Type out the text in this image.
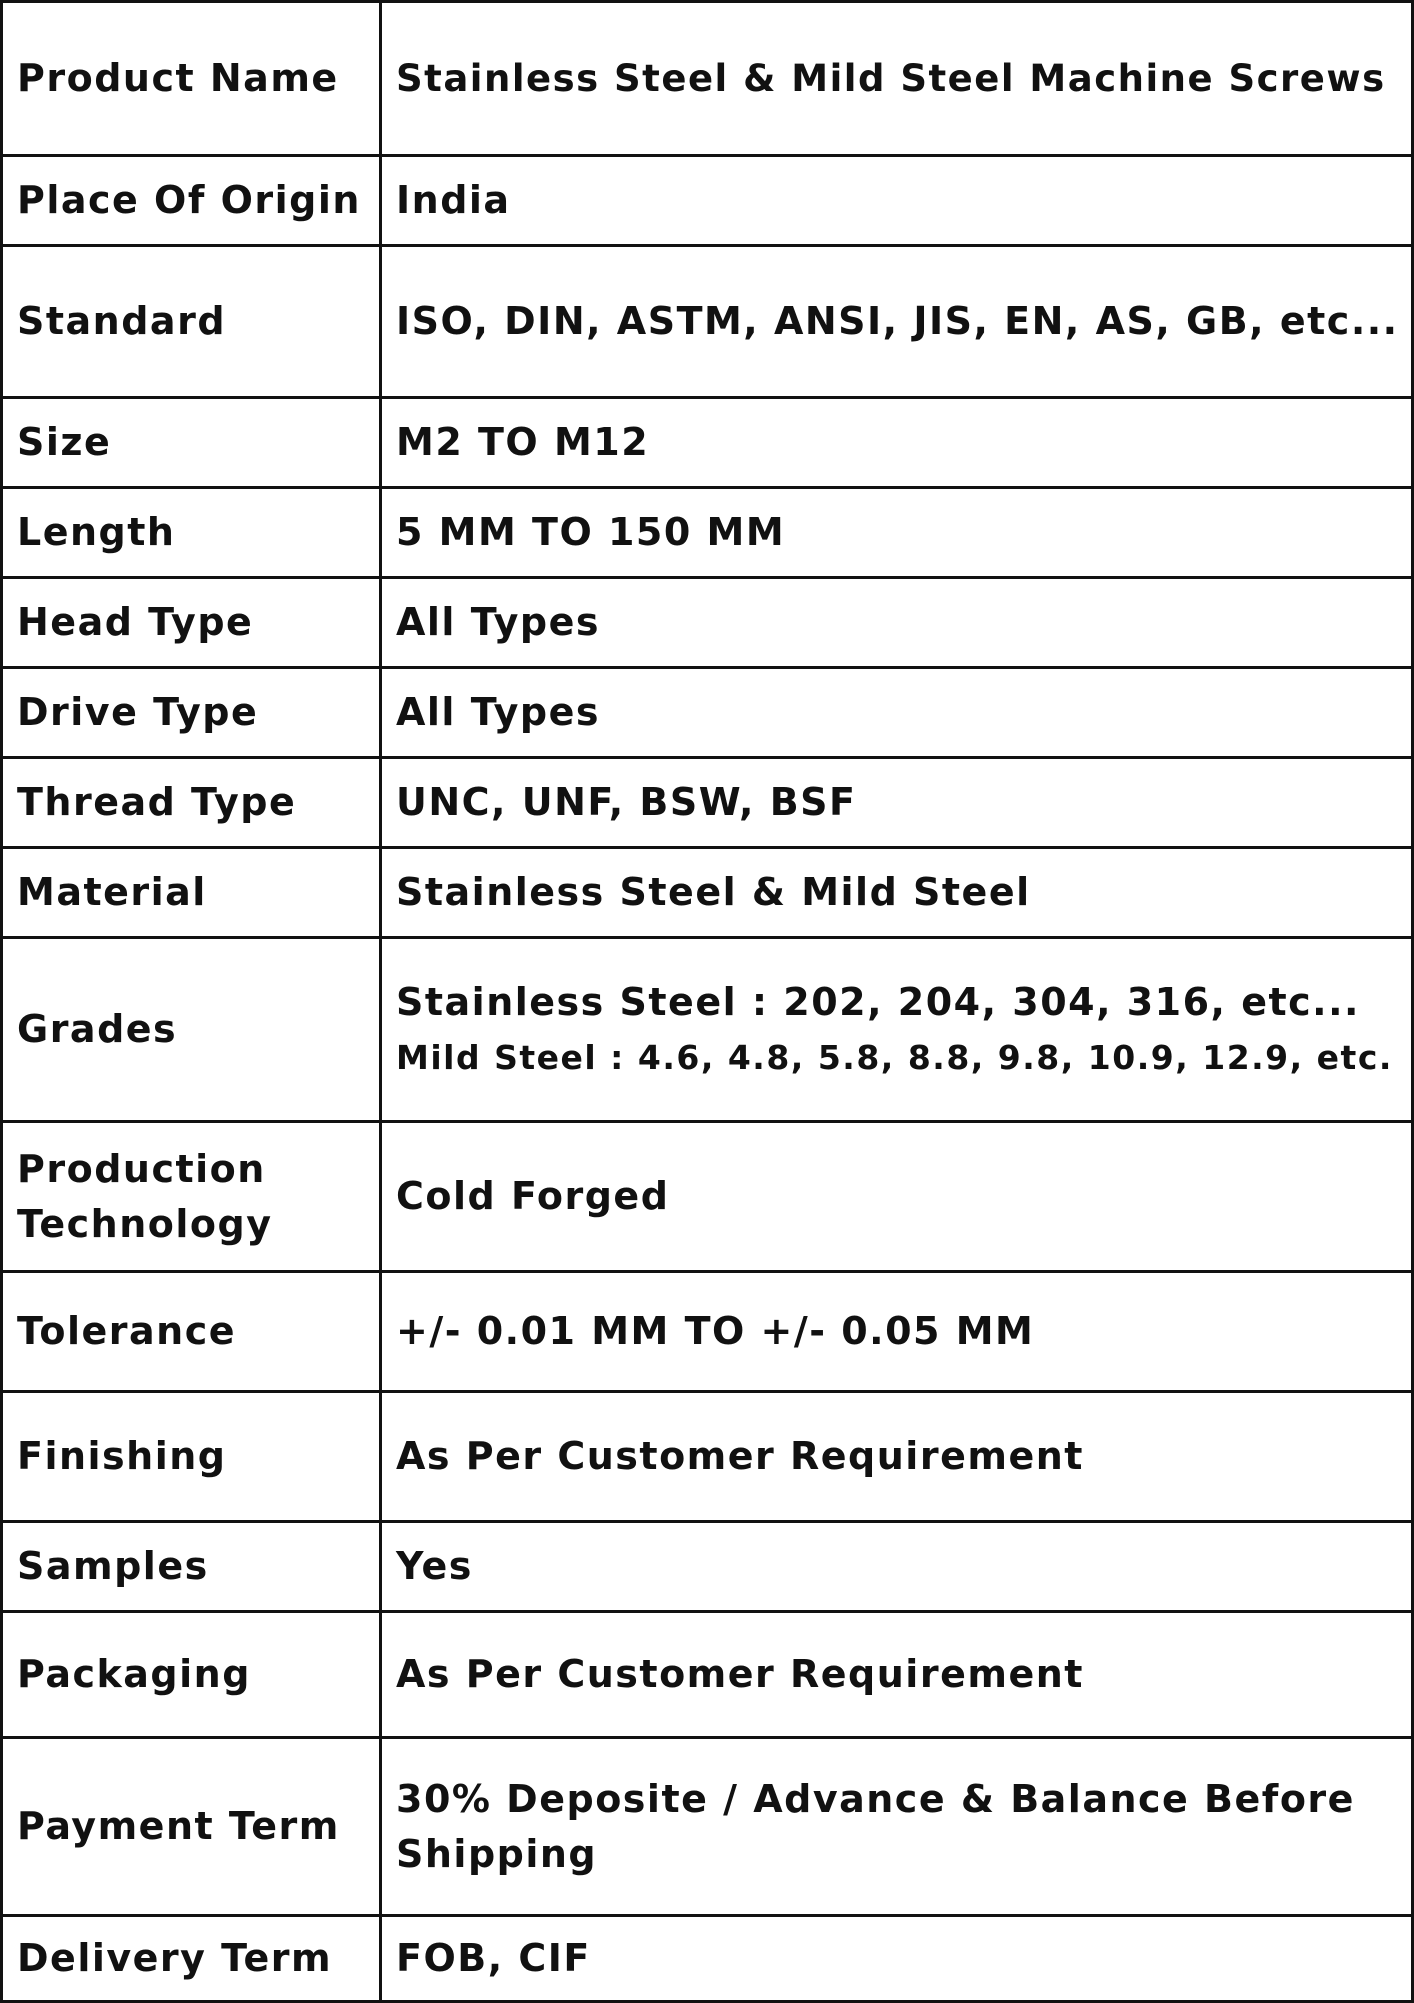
Product Name	Stainless Steel & Mild Steel Machine Screws

Place Of Origin	India

Standard	ISO, DIN, ASTM, ANSI, JIS, EN, AS, GB, etc...

Size	M2 TO M12

Length	5 MM TO 150 MM

Head Type	All Types

Drive Type	All Types

Thread Type	UNC, UNF, BSW, BSF

Material	Stainless Steel & Mild Steel

Grades	Stainless Steel : 202, 204, 304, 316, etc...
Mild Steel : 4.6, 4.8, 5.8, 8.8, 9.8, 10.9, 12.9, etc.

Production
Technology	Cold Forged

Tolerance	+/- 0.01 MM TO +/- 0.05 MM

Finishing	As Per Customer Requirement

Samples	Yes

Packaging	As Per Customer Requirement

Payment Term	30% Deposite / Advance & Balance Before
Shipping

Delivery Term	FOB, CIF
